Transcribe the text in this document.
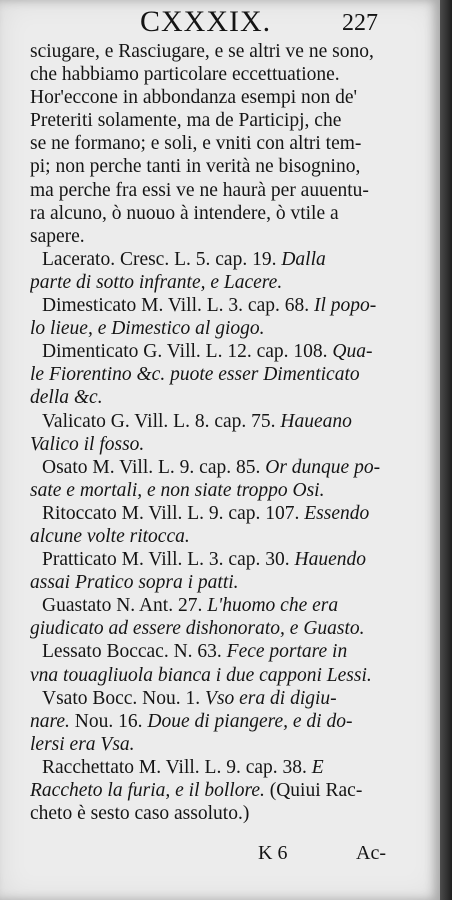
CXXXIX.	227
sciugare, e Rasciugare, e se altri ve ne sono,
che habbiamo particolare eccettuatione.
Hor'eccone in abbondanza esempi non de'
Preteriti solamente, ma de Participj, che
se ne formano; e soli, e vniti con altri tem-
pi; non perche tanti in verità ne bisognino,
ma perche fra essi ve ne haurà per auuentu-
ra alcuno, ò nuouo à intendere, ò vtile a
sapere.
Lacerato. Cresc. L. 5. cap. 19. Dalla
parte di sotto infrante, e Lacere.
Dimesticato M. Vill. L. 3. cap. 68. Il popo-
lo lieue, e Dimestico al giogo.
Dimenticato G. Vill. L. 12. cap. 108. Qua-
le Fiorentino &c. puote esser Dimenticato
della &c.
Valicato G. Vill. L. 8. cap. 75. Haueano
Valico il fosso.
Osato M. Vill. L. 9. cap. 85. Or dunque po-
sate e mortali, e non siate troppo Osi.
Ritoccato M. Vill. L. 9. cap. 107. Essendo
alcune volte ritocca.
Pratticato M. Vill. L. 3. cap. 30. Hauendo
assai Pratico sopra i patti.
Guastato N. Ant. 27. L'huomo che era
giudicato ad essere dishonorato, e Guasto.
Lessato Boccac. N. 63. Fece portare in
vna touagliuola bianca i due capponi Lessi.
Vsato Bocc. Nou. 1. Vso era di digiu-
nare. Nou. 16. Doue di piangere, e di do-
lersi era Vsa.
Racchettato M. Vill. L. 9. cap. 38. E
Raccheto la furia, e il bollore. (Quiui Rac-
cheto è sesto caso assoluto.)
K 6	Ac-
